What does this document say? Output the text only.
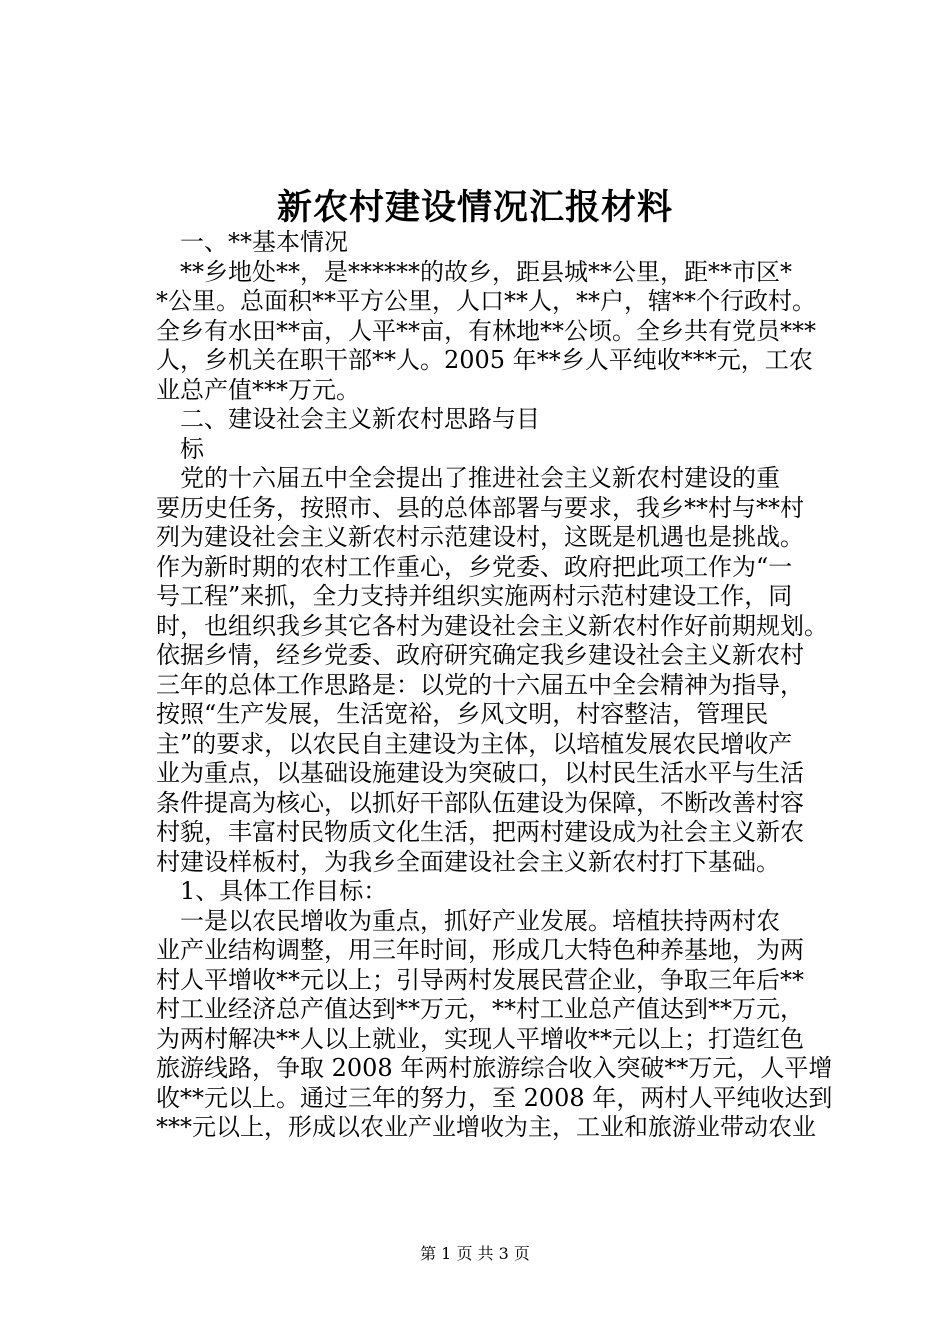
新农村建设情况汇报材料
一、**基本情况
**乡地处**，是******的故乡，距县城**公里，距**市区*
*公里。总面积**平方公里，人口**人，**户，辖**个行政村。
全乡有水田**亩，人平**亩，有林地**公顷。全乡共有党员***
人，乡机关在职干部**人。2005 年**乡人平纯收***元，工农
业总产值***万元。
二、建设社会主义新农村思路与目
标
党的十六届五中全会提出了推进社会主义新农村建设的重
要历史任务，按照市、县的总体部署与要求，我乡**村与**村
列为建设社会主义新农村示范建设村，这既是机遇也是挑战。
作为新时期的农村工作重心，乡党委、政府把此项工作为“一
号工程”来抓，全力支持并组织实施两村示范村建设工作，同
时，也组织我乡其它各村为建设社会主义新农村作好前期规划。
依据乡情，经乡党委、政府研究确定我乡建设社会主义新农村
三年的总体工作思路是：以党的十六届五中全会精神为指导，
按照“生产发展，生活宽裕，乡风文明，村容整洁，管理民
主”的要求，以农民自主建设为主体，以培植发展农民增收产
业为重点，以基础设施建设为突破口，以村民生活水平与生活
条件提高为核心，以抓好干部队伍建设为保障，不断改善村容
村貌，丰富村民物质文化生活，把两村建设成为社会主义新农
村建设样板村，为我乡全面建设社会主义新农村打下基础。
1、具体工作目标：
一是以农民增收为重点，抓好产业发展。培植扶持两村农
业产业结构调整，用三年时间，形成几大特色种养基地，为两
村人平增收**元以上；引导两村发展民营企业，争取三年后**
村工业经济总产值达到**万元，**村工业总产值达到**万元，
为两村解决**人以上就业，实现人平增收**元以上；打造红色
旅游线路，争取 2008 年两村旅游综合收入突破**万元，人平增
收**元以上。通过三年的努力，至 2008 年，两村人平纯收达到
***元以上，形成以农业产业增收为主，工业和旅游业带动农业
第 1 页 共 3 页
